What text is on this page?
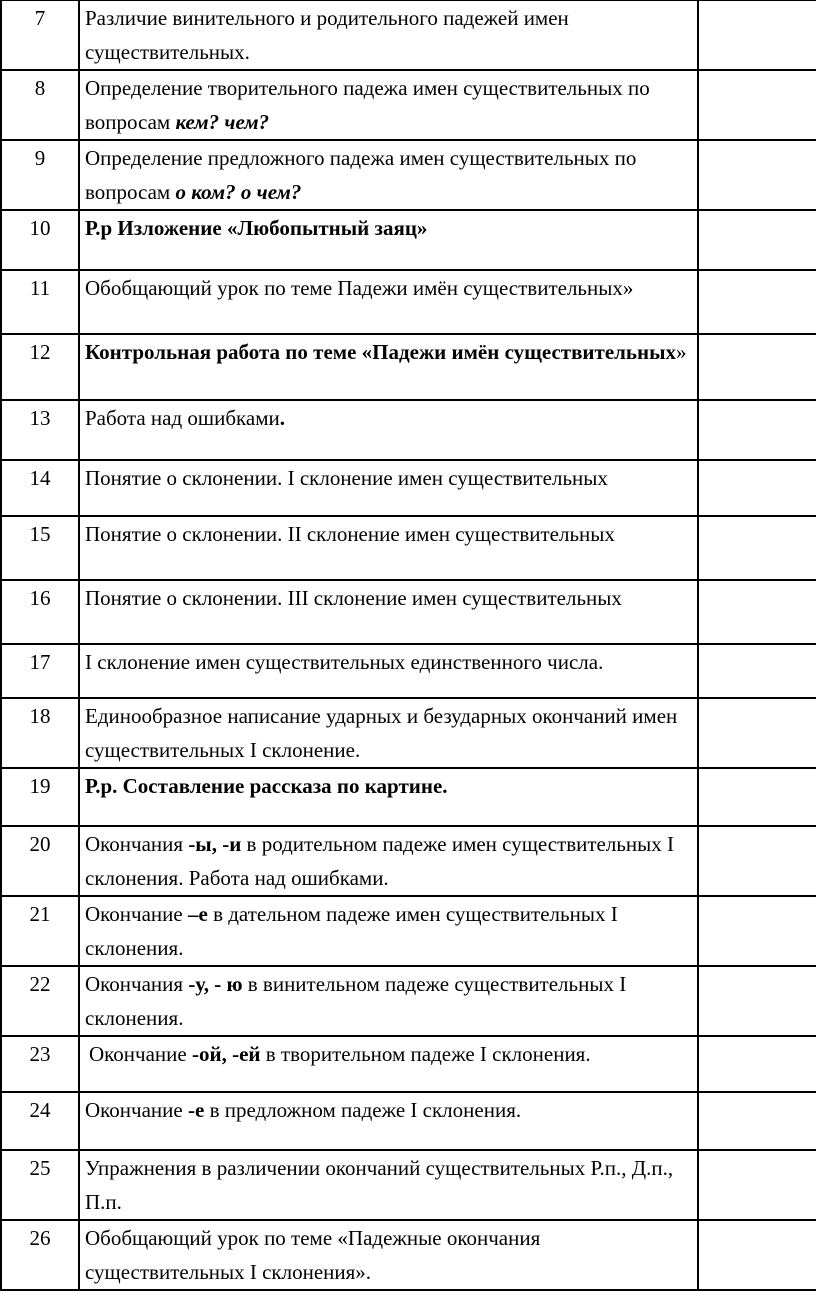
7	Различие винительного и родительного падежей имен существительных.	
8	Определение творительного падежа имен существительных по вопросам кем? чем?	
9	Определение предложного падежа имен существительных по вопросам о ком? о чем?	
10	Р.р Изложение «Любопытный заяц»	
11	Обобщающий урок по теме Падежи имён существительных»	
12	Контрольная работа по теме «Падежи имён существительных»	
13	Работа над ошибками.	
14	Понятие о склонении. I склонение имен существительных	
15	Понятие о склонении. II склонение имен существительных	
16	Понятие о склонении. III склонение имен существительных	
17	I склонение имен существительных единственного числа.	
18	Единообразное написание ударных и безударных окончаний имен существительных I склонение.	
19	Р.р. Составление рассказа по картине.	
20	Окончания -ы, -и в родительном падеже имен существительных I склонения. Работа над ошибками.	
21	Окончание –е в дательном падеже имен существительных I склонения.	
22	Окончания -у, - ю в винительном падеже существительных I склонения.	
23	Окончание -ой, -ей в творительном падеже I склонения.	
24	Окончание -е в предложном падеже I склонения.	
25	Упражнения в различении окончаний существительных Р.п., Д.п., П.п.	
26	Обобщающий урок по теме «Падежные окончания существительных I склонения».	
